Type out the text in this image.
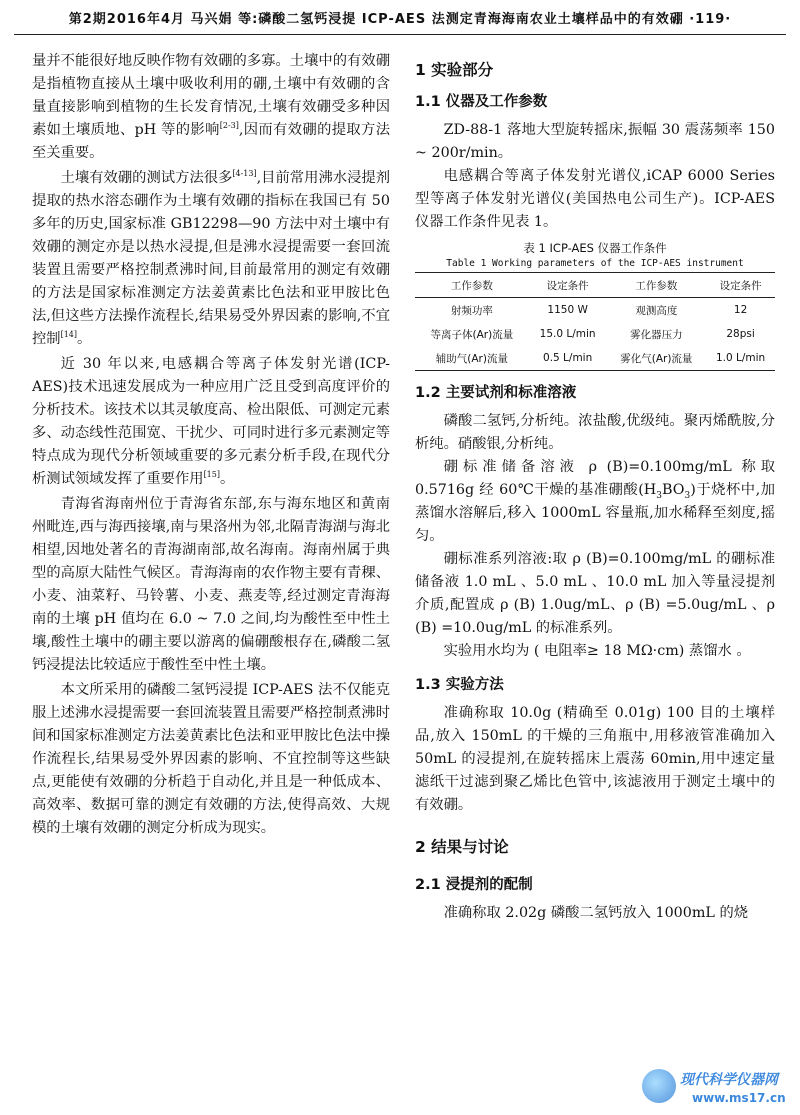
第2期2016年4月 马兴娟 等:磷酸二氢钙浸提 ICP-AES 法测定青海海南农业土壤样品中的有效硼 ·119·

量并不能很好地反映作物有效硼的多寡。土壤中的有效硼是指植物直接从土壤中吸收利用的硼,土壤中有效硼的含量直接影响到植物的生长发育情况,土壤有效硼受多种因素如土壤质地、pH 等的影响[2-3],因而有效硼的提取方法至关重要。

土壤有效硼的测试方法很多[4-13],目前常用沸水浸提剂提取的热水溶态硼作为土壤有效硼的指标在我国已有 50 多年的历史,国家标准 GB12298—90 方法中对土壤中有效硼的测定亦是以热水浸提,但是沸水浸提需要一套回流装置且需要严格控制煮沸时间,目前最常用的测定有效硼的方法是国家标准测定方法姜黄素比色法和亚甲胺比色法,但这些方法操作流程长,结果易受外界因素的影响,不宜控制[14]。

近 30 年以来,电感耦合等离子体发射光谱(ICP-AES)技术迅速发展成为一种应用广泛且受到高度评价的分析技术。该技术以其灵敏度高、检出限低、可测定元素多、动态线性范围宽、干扰少、可同时进行多元素测定等特点成为现代分析领域重要的多元素分析手段,在现代分析测试领域发挥了重要作用[15]。

青海省海南州位于青海省东部,东与海东地区和黄南州毗连,西与海西接壤,南与果洛州为邻,北隔青海湖与海北相望,因地处著名的青海湖南部,故名海南。海南州属于典型的高原大陆性气候区。青海海南的农作物主要有青稞、小麦、油菜籽、马铃薯、小麦、燕麦等,经过测定青海海南的土壤 pH 值均在 6.0 ~ 7.0 之间,均为酸性至中性土壤,酸性土壤中的硼主要以游离的偏硼酸根存在,磷酸二氢钙浸提法比较适应于酸性至中性土壤。

本文所采用的磷酸二氢钙浸提 ICP-AES 法不仅能克服上述沸水浸提需要一套回流装置且需要严格控制煮沸时间和国家标准测定方法姜黄素比色法和亚甲胺比色法中操作流程长,结果易受外界因素的影响、不宜控制等这些缺点,更能使有效硼的分析趋于自动化,并且是一种低成本、高效率、数据可靠的测定有效硼的方法,使得高效、大规模的土壤有效硼的测定分析成为现实。

1 实验部分
1.1 仪器及工作参数

ZD-88-1 落地大型旋转摇床,振幅 30 震荡频率 150 ~ 200r/min。

电感耦合等离子体发射光谱仪,iCAP 6000 Series 型等离子体发射光谱仪(美国热电公司生产)。ICP-AES 仪器工作条件见表 1。

表 1 ICP-AES 仪器工作条件
Table 1 Working parameters of the ICP-AES instrument
工作参数	设定条件	工作参数	设定条件
射频功率	1150 W	观测高度	12
等离子体(Ar)流量	15.0 L/min	雾化器压力	28psi
辅助气(Ar)流量	0.5 L/min	雾化气(Ar)流量	1.0 L/min
1.2 主要试剂和标准溶液

磷酸二氢钙,分析纯。浓盐酸,优级纯。聚丙烯酰胺,分析纯。硝酸银,分析纯。

硼标准储备溶液 ρ (B)=0.100mg/mL 称取 0.5716g 经 60℃干燥的基准硼酸$(H_3BO_3)$于烧杯中,加蒸馏水溶解后,移入 1000mL 容量瓶,加水稀释至刻度,摇匀。

硼标准系列溶液:取 ρ (B)=0.100mg/mL 的硼标准储备液 1.0 mL 、5.0 mL 、10.0 mL 加入等量浸提剂介质,配置成 ρ (B) 1.0ug/mL、ρ (B) =5.0ug/mL 、ρ (B) =10.0ug/mL 的标准系列。

实验用水均为 ( 电阻率≥ 18 MΩ·cm) 蒸馏水 。

1.3 实验方法

准确称取 10.0g (精确至 0.01g) 100 目的土壤样品,放入 150mL 的干燥的三角瓶中,用移液管准确加入 50mL 的浸提剂,在旋转摇床上震荡 60min,用中速定量滤纸干过滤到聚乙烯比色管中,该滤液用于测定土壤中的有效硼。

2 结果与讨论
2.1 浸提剂的配制

准确称取 2.02g 磷酸二氢钙放入 1000mL 的烧

现代科学仪器网
www.ms17.cn
